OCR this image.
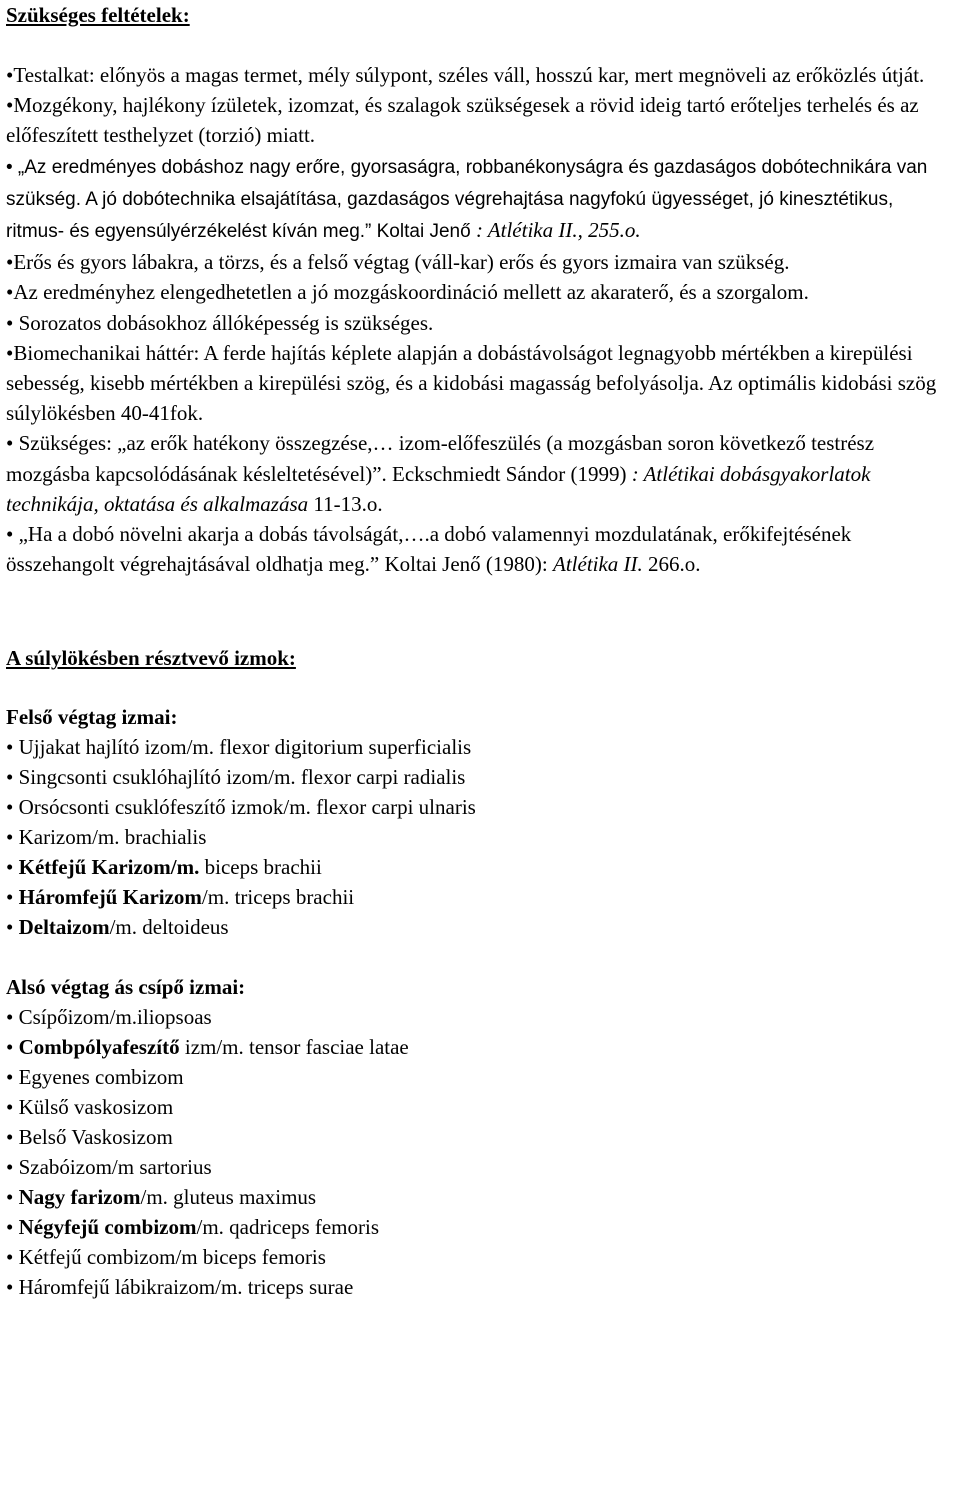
Szükséges feltételek:

•Testalkat: előnyös a magas termet, mély súlypont, széles váll, hosszú kar, mert megnöveli az erőközlés útját.

•Mozgékony, hajlékony ízületek, izomzat, és szalagok szükségesek a rövid ideig tartó erőteljes terhelés és az előfeszített testhelyzet (torzió) miatt.

• „Az eredményes dobáshoz nagy erőre, gyorsaságra, robbanékonyságra és gazdaságos dobótechnikára van szükség. A jó dobótechnika elsajátítása, gazdaságos végrehajtása nagyfokú ügyességet, jó kinesztétikus, ritmus- és egyensúlyérzékelést kíván meg.” Koltai Jenő : Atlétika II., 255.o.

•Erős és gyors lábakra, a törzs, és a felső végtag (váll-kar) erős és gyors izmaira van szükség.

•Az eredményhez elengedhetetlen a jó mozgáskoordináció mellett az akaraterő, és a szorgalom.

• Sorozatos dobásokhoz állóképesség is szükséges.

•Biomechanikai háttér: A ferde hajítás képlete alapján a dobástávolságot legnagyobb mértékben a kirepülési sebesség, kisebb mértékben a kirepülési szög, és a kidobási magasság befolyásolja. Az optimális kidobási szög súlylökésben 40-41fok.

• Szükséges: „az erők hatékony összegzése,… izom-előfeszülés (a mozgásban soron következő testrész mozgásba kapcsolódásának késleltetésével)”. Eckschmiedt Sándor (1999) : Atlétikai dobásgyakorlatok technikája, oktatása és alkalmazása 11-13.o.

• „Ha a dobó növelni akarja a dobás távolságát,….a dobó valamennyi mozdulatának, erőkifejtésének összehangolt végrehajtásával oldhatja meg.” Koltai Jenő (1980): Atlétika II. 266.o.

A súlylökésben résztvevő izmok:

Felső végtag izmai:

• Ujjakat hajlító izom/m. flexor digitorium superficialis

• Singcsonti csuklóhajlító izom/m. flexor carpi radialis

• Orsócsonti csuklófeszítő izmok/m. flexor carpi ulnaris

• Karizom/m. brachialis

• Kétfejű Karizom/m. biceps brachii

• Háromfejű Karizom/m. triceps brachii

• Deltaizom/m. deltoideus

Alsó végtag ás csípő izmai:

• Csípőizom/m.iliopsoas

• Combpólyafeszítő izm/m. tensor fasciae latae

• Egyenes combizom

• Külső vaskosizom

• Belső Vaskosizom

• Szabóizom/m sartorius

• Nagy farizom/m. gluteus maximus

• Négyfejű combizom/m. qadriceps femoris

• Kétfejű combizom/m biceps femoris

• Háromfejű lábikraizom/m. triceps surae
